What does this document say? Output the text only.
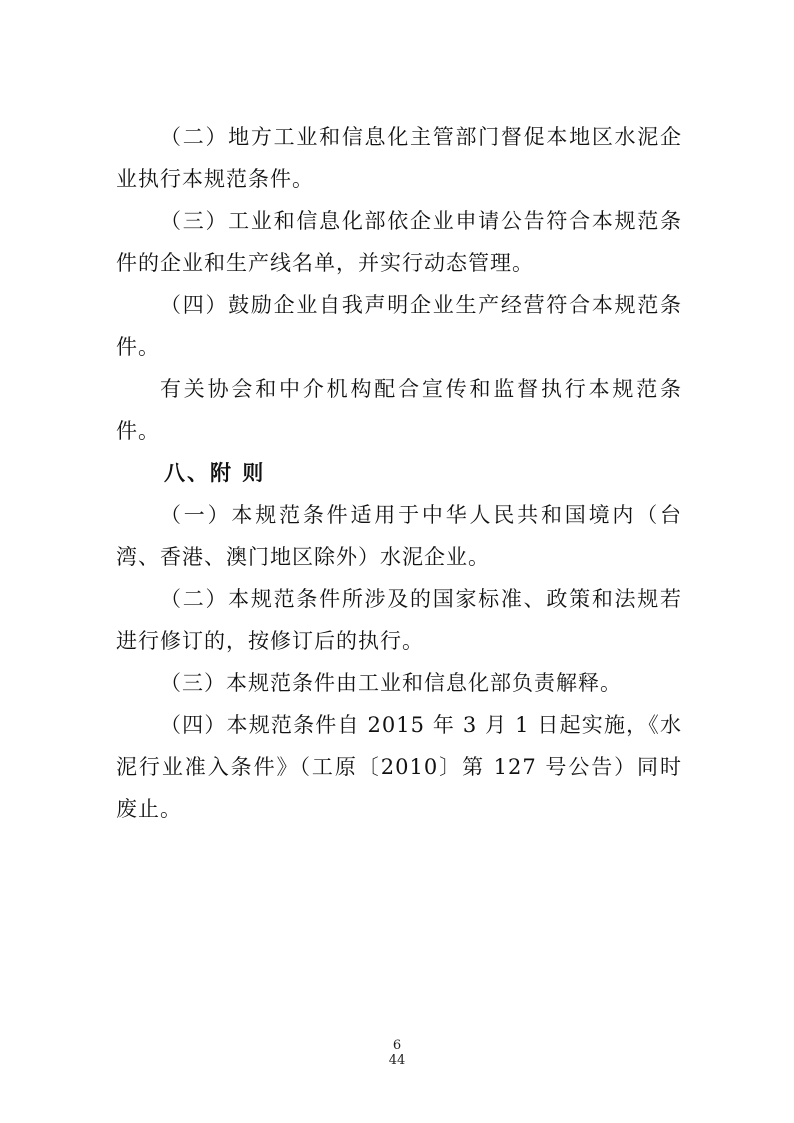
（二）地方工业和信息化主管部门督促本地区水泥企业执行本规范条件。

（三）工业和信息化部依企业申请公告符合本规范条件的企业和生产线名单，并实行动态管理。

（四）鼓励企业自我声明企业生产经营符合本规范条件。

有关协会和中介机构配合宣传和监督执行本规范条件。

八、附 则

（一）本规范条件适用于中华人民共和国境内（台湾、香港、澳门地区除外）水泥企业。

（二）本规范条件所涉及的国家标准、政策和法规若进行修订的，按修订后的执行。

（三）本规范条件由工业和信息化部负责解释。

（四）本规范条件自 2015 年 3 月 1 日起实施，《水泥行业准入条件》（工原〔2010〕第 127 号公告）同时废止。

6
44
